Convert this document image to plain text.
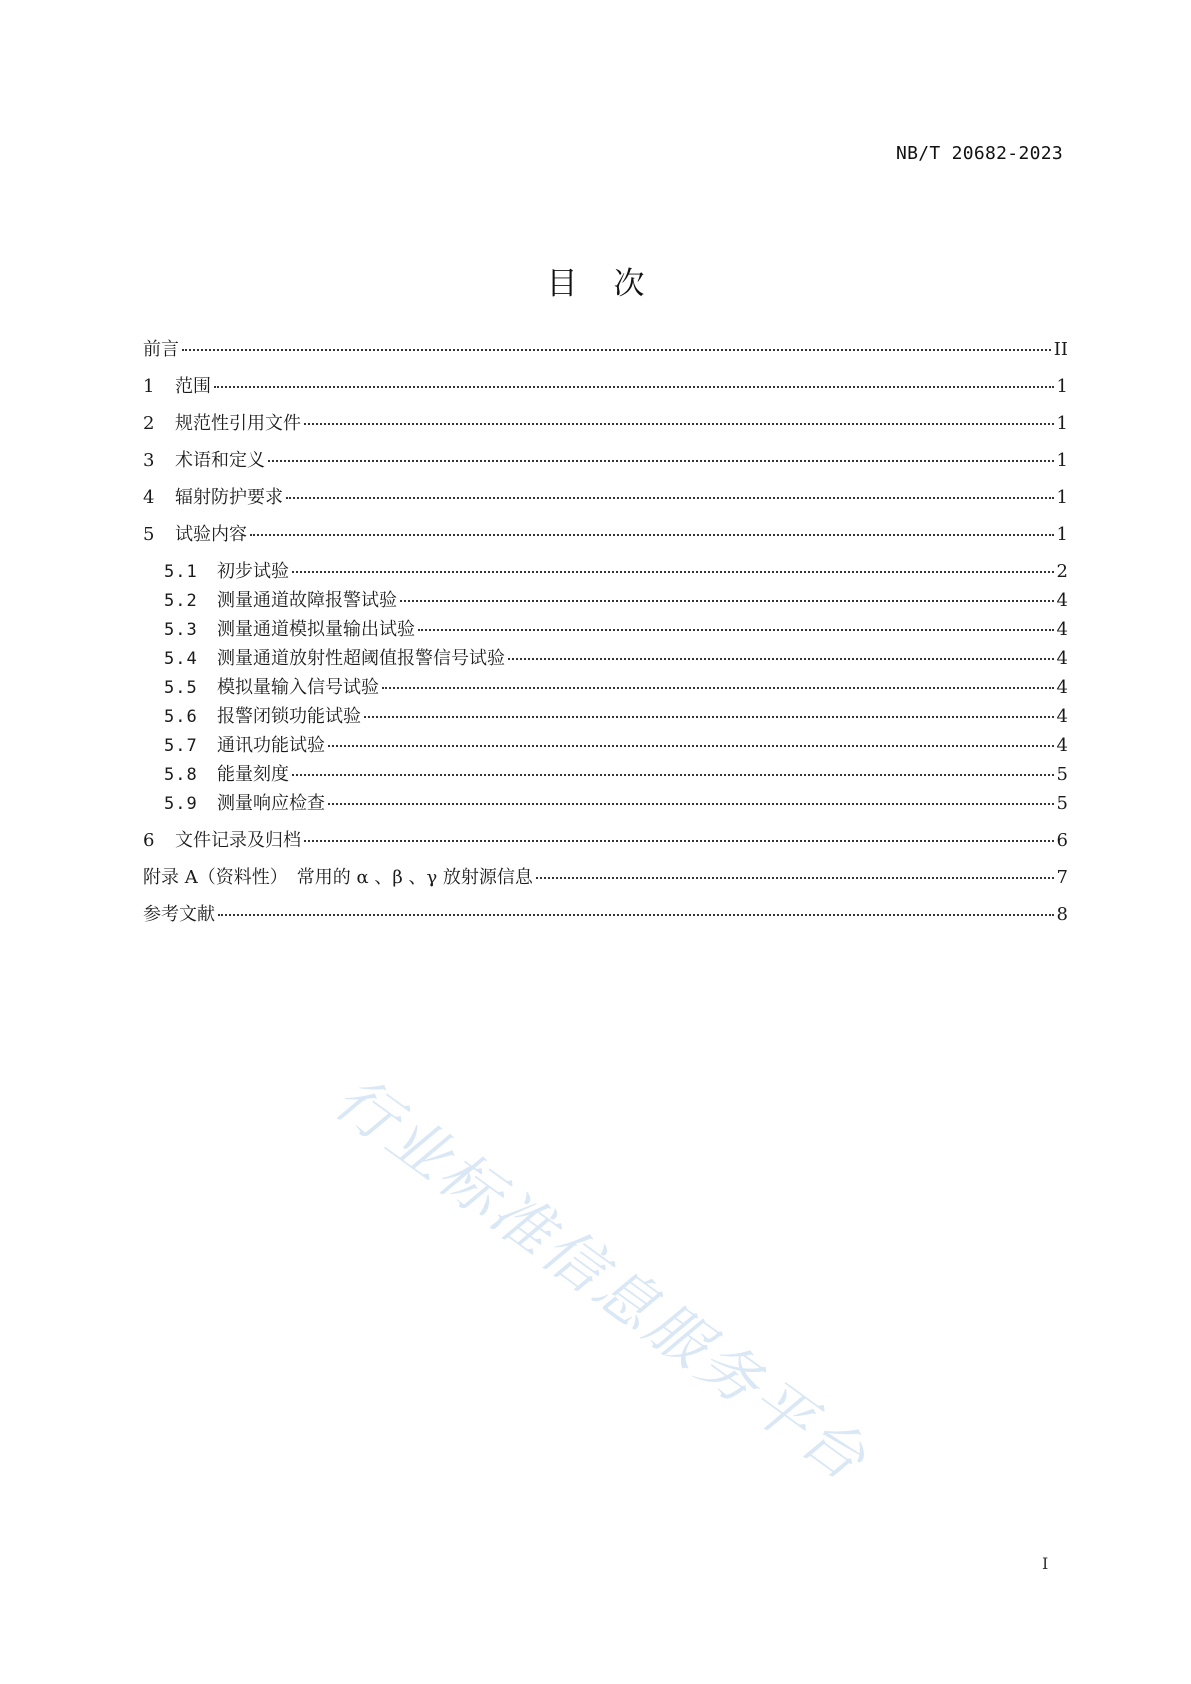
NB/T 20682-2023
目 次
前言	II
1	范围	1
2	规范性引用文件	1
3	术语和定义	1
4	辐射防护要求	1
5	试验内容	1
5.1	初步试验	2
5.2	测量通道故障报警试验	4
5.3	测量通道模拟量输出试验	4
5.4	测量通道放射性超阈值报警信号试验	4
5.5	模拟量输入信号试验	4
5.6	报警闭锁功能试验	4
5.7	通讯功能试验	4
5.8	能量刻度	5
5.9	测量响应检查	5
6	文件记录及归档	6
附录 A（资料性）　常用的 α 、β 、γ 放射源信息	7
参考文献	8
行业标准信息服务平台
I
